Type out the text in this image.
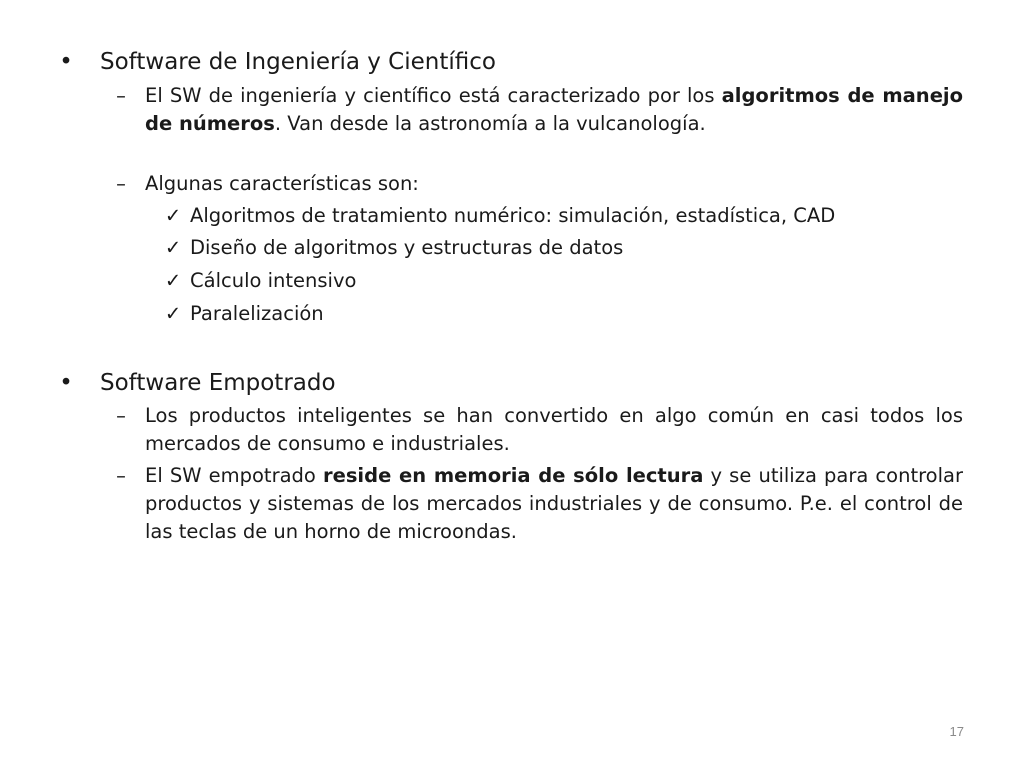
• Software de Ingeniería y Científico
– El SW de ingeniería y científico está caracterizado por los algoritmos de manejo de números. Van desde la astronomía a la vulcanología.
– Algunas características son:
✓ Algoritmos de tratamiento numérico: simulación, estadística, CAD
✓ Diseño de algoritmos y estructuras de datos
✓ Cálculo intensivo
✓ Paralelización
• Software Empotrado
– Los productos inteligentes se han convertido en algo común en casi todos los mercados de consumo e industriales.
– El SW empotrado reside en memoria de sólo lectura y se utiliza para controlar productos y sistemas de los mercados industriales y de consumo. P.e. el control de las teclas de un horno de microondas.
17
